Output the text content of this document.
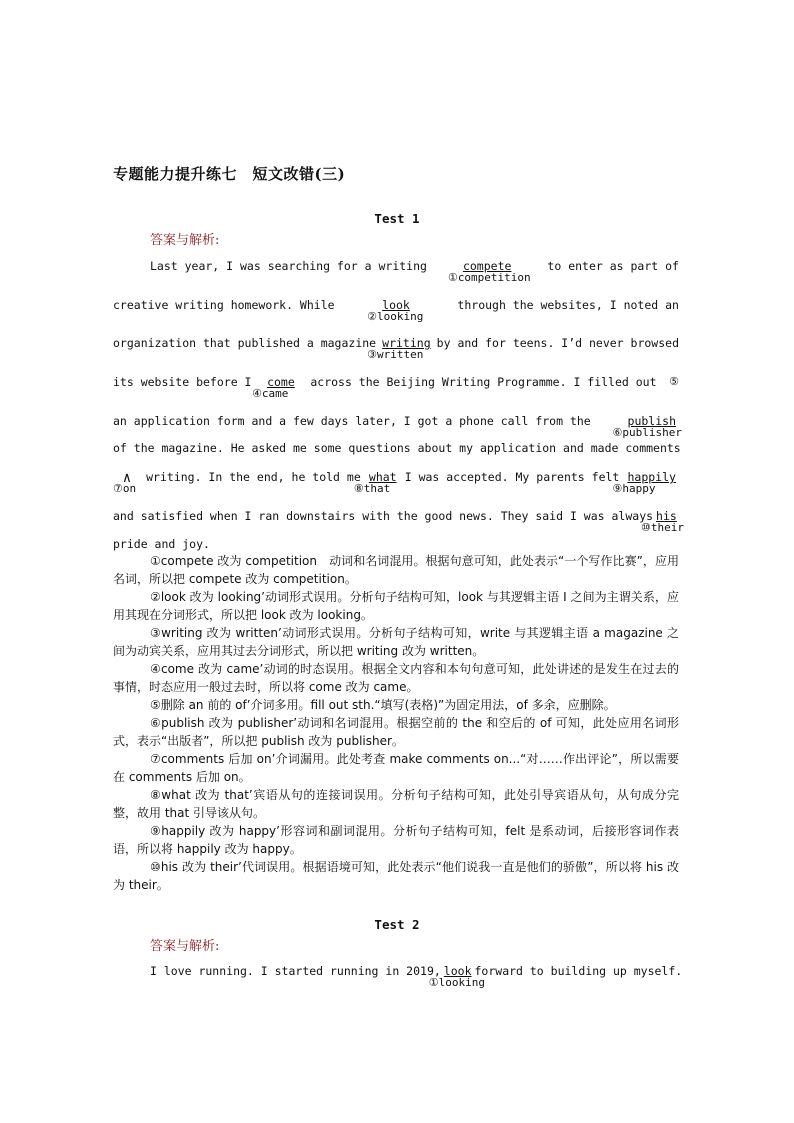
专题能力提升练七　短文改错(三)
Test 1
答案与解析:
Last year, I was searching for a writing	compete
①competition
to enter as part of
creative writing homework. While	look
②looking
through the websites, I noted an
organization that published a magazine writing
③written
by and for teens. I’d never browsed
its website before I come
④came
across the Beijing Writing Programme. I filled out ⑤
an application form and a few days later, I got a phone call from the	publish
⑥publisher
of the magazine. He asked me some questions about my application and made comments
∧
⑦on
writing. In the end, he told me what
⑧that
I was accepted. My parents felt happily
⑨happy
and satisfied when I ran downstairs with the good news. They said I was always his
⑩their
pride and joy.

①compete 改为 competition　动词和名词混用。根据句意可知，此处表示“一个写作比赛”，应用名词，所以把 compete 改为 competition。

②look 改为 looking’动词形式误用。分析句子结构可知，look 与其逻辑主语 I 之间为主谓关系，应用其现在分词形式，所以把 look 改为 looking。

③writing 改为 written’动词形式误用。分析句子结构可知，write 与其逻辑主语 a magazine 之间为动宾关系，应用其过去分词形式，所以把 writing 改为 written。

④come 改为 came’动词的时态误用。根据全文内容和本句句意可知，此处讲述的是发生在过去的事情，时态应用一般过去时，所以将 come 改为 came。

⑤删除 an 前的 of’介词多用。fill out sth.“填写(表格)”为固定用法，of 多余，应删除。

⑥publish 改为 publisher’动词和名词混用。根据空前的 the 和空后的 of 可知，此处应用名词形式，表示“出版者”，所以把 publish 改为 publisher。

⑦comments 后加 on’介词漏用。此处考查 make comments on...“对……作出评论”，所以需要在 comments 后加 on。

⑧what 改为 that’宾语从句的连接词误用。分析句子结构可知，此处引导宾语从句，从句成分完整，故用 that 引导该从句。

⑨happily 改为 happy’形容词和副词混用。分析句子结构可知，felt 是系动词，后接形容词作表语，所以将 happily 改为 happy。

⑩his 改为 their’代词误用。根据语境可知，此处表示“他们说我一直是他们的骄傲”，所以将 his 改为 their。

Test 2
答案与解析:
I love running. I started running in 2019, look
①looking
forward to building up myself.
